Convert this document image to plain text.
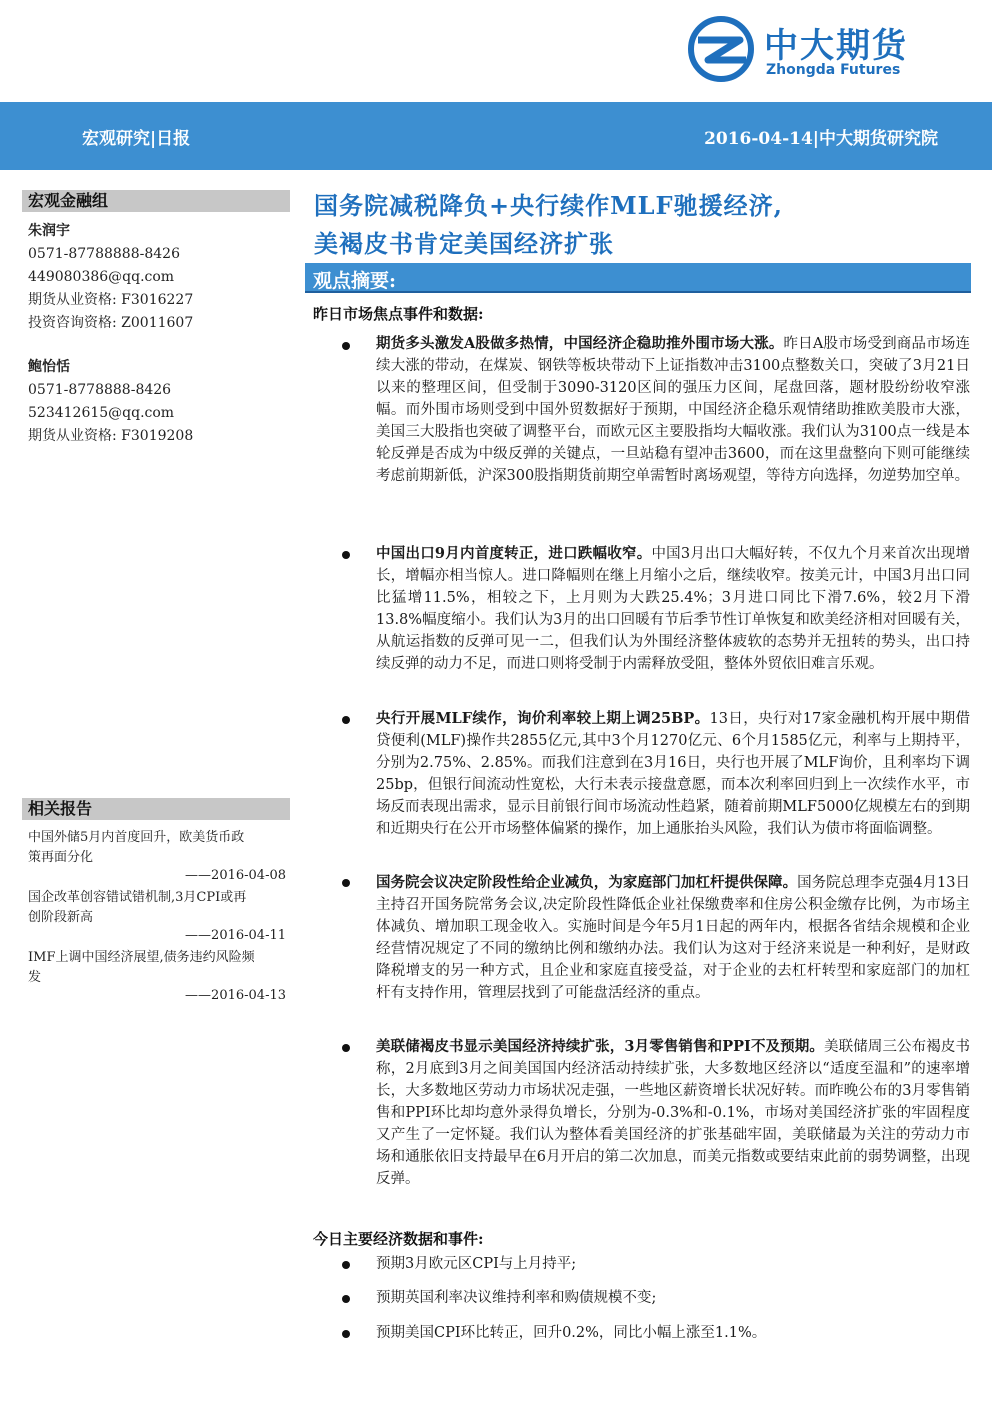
中大期货
Zhongda Futures
宏观研究|日报	2016-04-14|中大期货研究院
宏观金融组
朱润宇
0571-87788888-8426
449080386@qq.com
期货从业资格: F3016227
投资咨询资格: Z0011607
鲍怡恬
0571-8778888-8426
523412615@qq.com
期货从业资格: F3019208
相关报告
中国外储5月内首度回升，欧美货币政
策再面分化
——2016-04-08
国企改革创容错试错机制,3月CPI或再
创阶段新高
——2016-04-11
IMF上调中国经济展望,债务违约风险频
发
——2016-04-13
国务院减税降负+央行续作MLF驰援经济,
美褐皮书肯定美国经济扩张
观点摘要:
昨日市场焦点事件和数据:
期货多头激发A股做多热情，中国经济企稳助推外围市场大涨。昨日A股市场受到商品市场连续大涨的带动，在煤炭、钢铁等板块带动下上证指数冲击3100点整数关口，突破了3月21日以来的整理区间，但受制于3090-3120区间的强压力区间，尾盘回落，题材股纷纷收窄涨幅。而外围市场则受到中国外贸数据好于预期，中国经济企稳乐观情绪助推欧美股市大涨，美国三大股指也突破了调整平台，而欧元区主要股指均大幅收涨。我们认为3100点一线是本轮反弹是否成为中级反弹的关键点，一旦站稳有望冲击3600，而在这里盘整向下则可能继续考虑前期新低，沪深300股指期货前期空单需暂时离场观望，等待方向选择，勿逆势加空单。
中国出口9月内首度转正，进口跌幅收窄。中国3月出口大幅好转，不仅九个月来首次出现增长，增幅亦相当惊人。进口降幅则在继上月缩小之后，继续收窄。按美元计，中国3月出口同比猛增11.5%，相较之下，上月则为大跌25.4%；3月进口同比下滑7.6%，较2月下滑13.8%幅度缩小。我们认为3月的出口回暖有节后季节性订单恢复和欧美经济相对回暖有关，从航运指数的反弹可见一二，但我们认为外围经济整体疲软的态势并无扭转的势头，出口持续反弹的动力不足，而进口则将受制于内需释放受阻，整体外贸依旧难言乐观。
央行开展MLF续作，询价利率较上期上调25BP。13日，央行对17家金融机构开展中期借贷便利(MLF)操作共2855亿元,其中3个月1270亿元、6个月1585亿元，利率与上期持平，分别为2.75%、2.85%。而我们注意到在3月16日，央行也开展了MLF询价，且利率均下调25bp，但银行间流动性宽松，大行未表示接盘意愿，而本次利率回归到上一次续作水平，市场反而表现出需求，显示目前银行间市场流动性趋紧，随着前期MLF5000亿规模左右的到期和近期央行在公开市场整体偏紧的操作，加上通胀抬头风险，我们认为债市将面临调整。
国务院会议决定阶段性给企业减负，为家庭部门加杠杆提供保障。国务院总理李克强4月13日主持召开国务院常务会议,决定阶段性降低企业社保缴费率和住房公积金缴存比例，为市场主体减负、增加职工现金收入。实施时间是今年5月1日起的两年内，根据各省结余规模和企业经营情况规定了不同的缴纳比例和缴纳办法。我们认为这对于经济来说是一种利好，是财政降税增支的另一种方式，且企业和家庭直接受益，对于企业的去杠杆转型和家庭部门的加杠杆有支持作用，管理层找到了可能盘活经济的重点。
美联储褐皮书显示美国经济持续扩张，3月零售销售和PPI不及预期。美联储周三公布褐皮书称，2月底到3月之间美国国内经济活动持续扩张，大多数地区经济以“适度至温和”的速率增长，大多数地区劳动力市场状况走强，一些地区薪资增长状况好转。而昨晚公布的3月零售销售和PPI环比却均意外录得负增长，分别为-0.3%和-0.1%，市场对美国经济扩张的牢固程度又产生了一定怀疑。我们认为整体看美国经济的扩张基础牢固，美联储最为关注的劳动力市场和通胀依旧支持最早在6月开启的第二次加息，而美元指数或要结束此前的弱势调整，出现反弹。
今日主要经济数据和事件:
预期3月欧元区CPI与上月持平;
预期英国利率决议维持利率和购债规模不变;
预期美国CPI环比转正，回升0.2%，同比小幅上涨至1.1%。
